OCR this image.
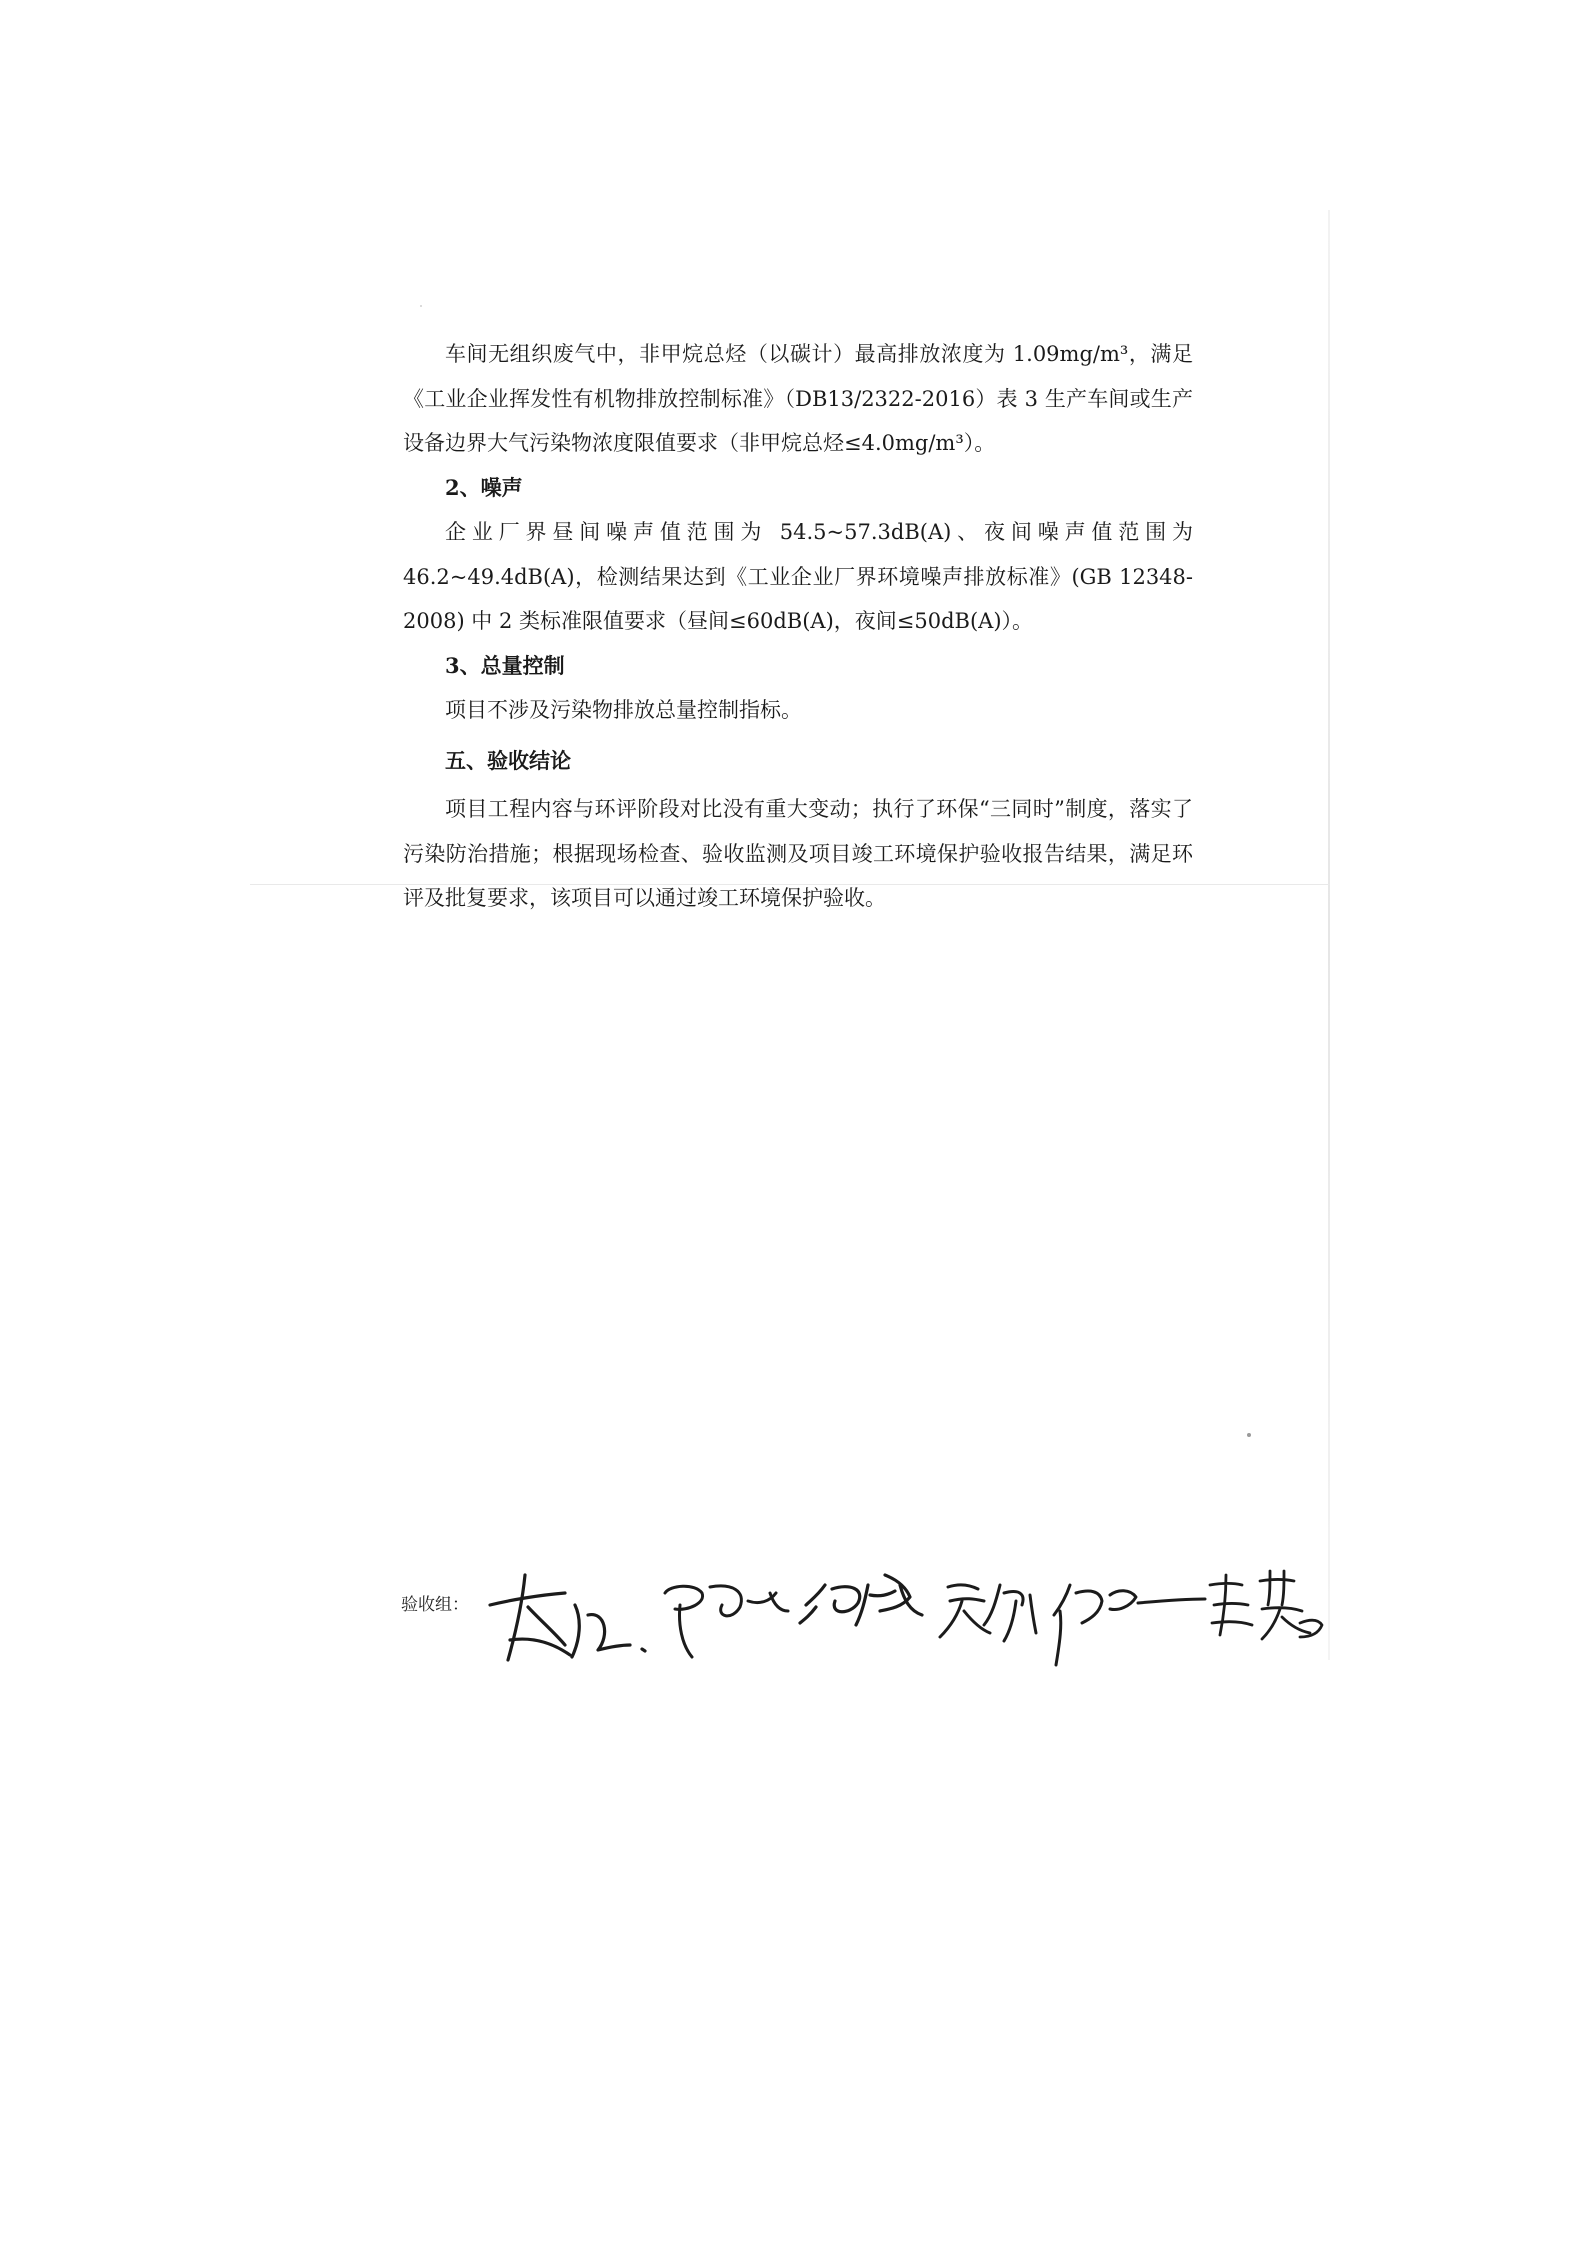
车间无组织废气中，非甲烷总烃（以碳计）最高排放浓度为 1.09mg/m³，满足《工业企业挥发性有机物排放控制标准》（DB13/2322-2016）表 3 生产车间或生产设备边界大气污染物浓度限值要求（非甲烷总烃≤4.0mg/m³）。

2、噪声

企业厂界昼间噪声值范围为 54.5~57.3dB(A)、夜间噪声值范围为 46.2~49.4dB(A)，检测结果达到《工业企业厂界环境噪声排放标准》(GB 12348-2008) 中 2 类标准限值要求（昼间≤60dB(A)，夜间≤50dB(A)）。

3、总量控制

项目不涉及污染物排放总量控制指标。

五、验收结论

项目工程内容与环评阶段对比没有重大变动；执行了环保“三同时”制度，落实了污染防治措施；根据现场检查、验收监测及项目竣工环境保护验收报告结果，满足环评及批复要求，该项目可以通过竣工环境保护验收。

验收组：
